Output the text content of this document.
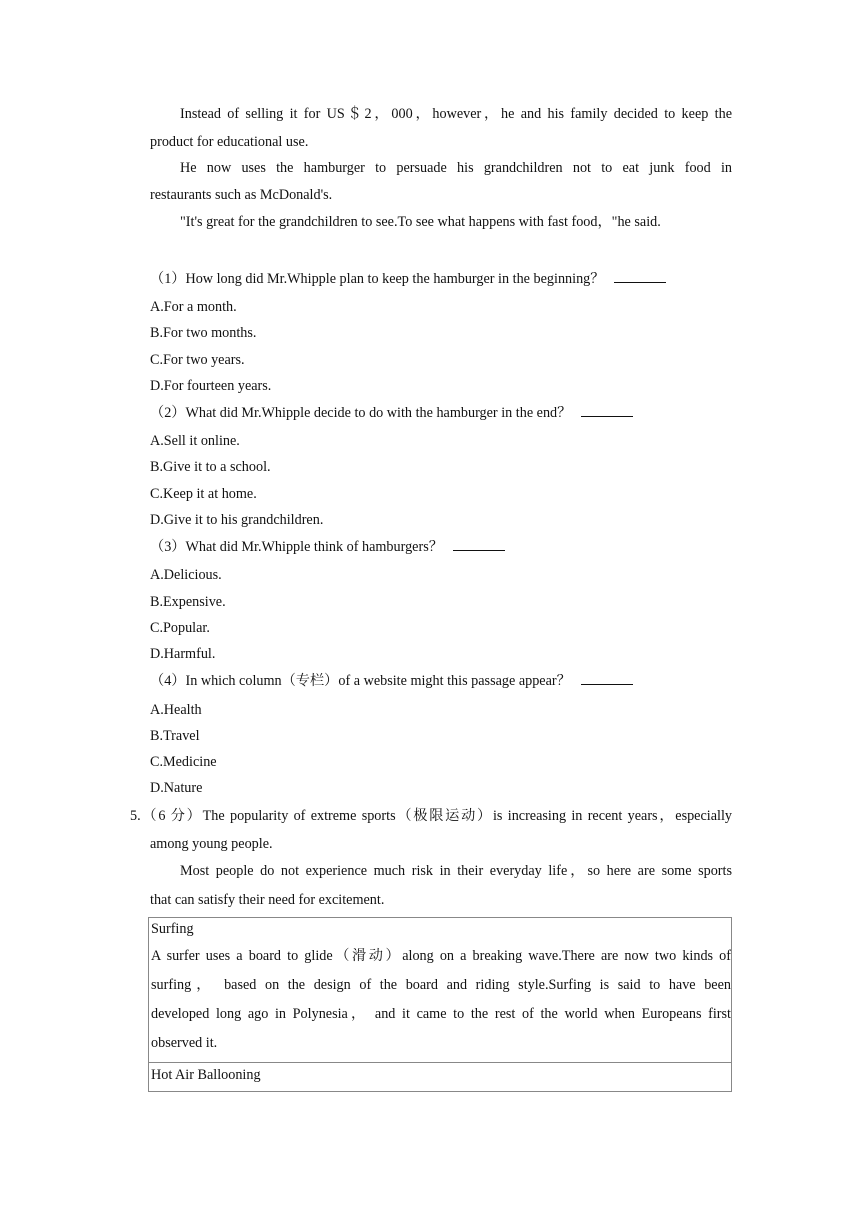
Instead of selling it for US＄2，000，however，he and his family decided to keep the
product for educational use.
He now uses the hamburger to persuade his grandchildren not to eat junk food in
restaurants such as McDonald's.
"It's great for the grandchildren to see.To see what happens with fast food，"he said.
（1）How long did Mr.Whipple plan to keep the hamburger in the beginning？
A.For a month.
B.For two months.
C.For two years.
D.For fourteen years.
（2）What did Mr.Whipple decide to do with the hamburger in the end？
A.Sell it online.
B.Give it to a school.
C.Keep it at home.
D.Give it to his grandchildren.
（3）What did Mr.Whipple think of hamburgers？
A.Delicious.
B.Expensive.
C.Popular.
D.Harmful.
（4）In which column（专栏）of a website might this passage appear？
A.Health
B.Travel
C.Medicine
D.Nature
5.（6 分）The popularity of extreme sports（极限运动）is increasing in recent years，especially
among young people.
Most people do not experience much risk in their everyday life，so here are some sports
that can satisfy their need for excitement.
Surfing
A surfer uses a board to glide（滑动）along on a breaking wave.There are now two kinds of
surfing， based on the design of the board and riding style.Surfing is said to have been
developed long ago in Polynesia， and it came to the rest of the world when Europeans first
observed it.
Hot Air Ballooning
